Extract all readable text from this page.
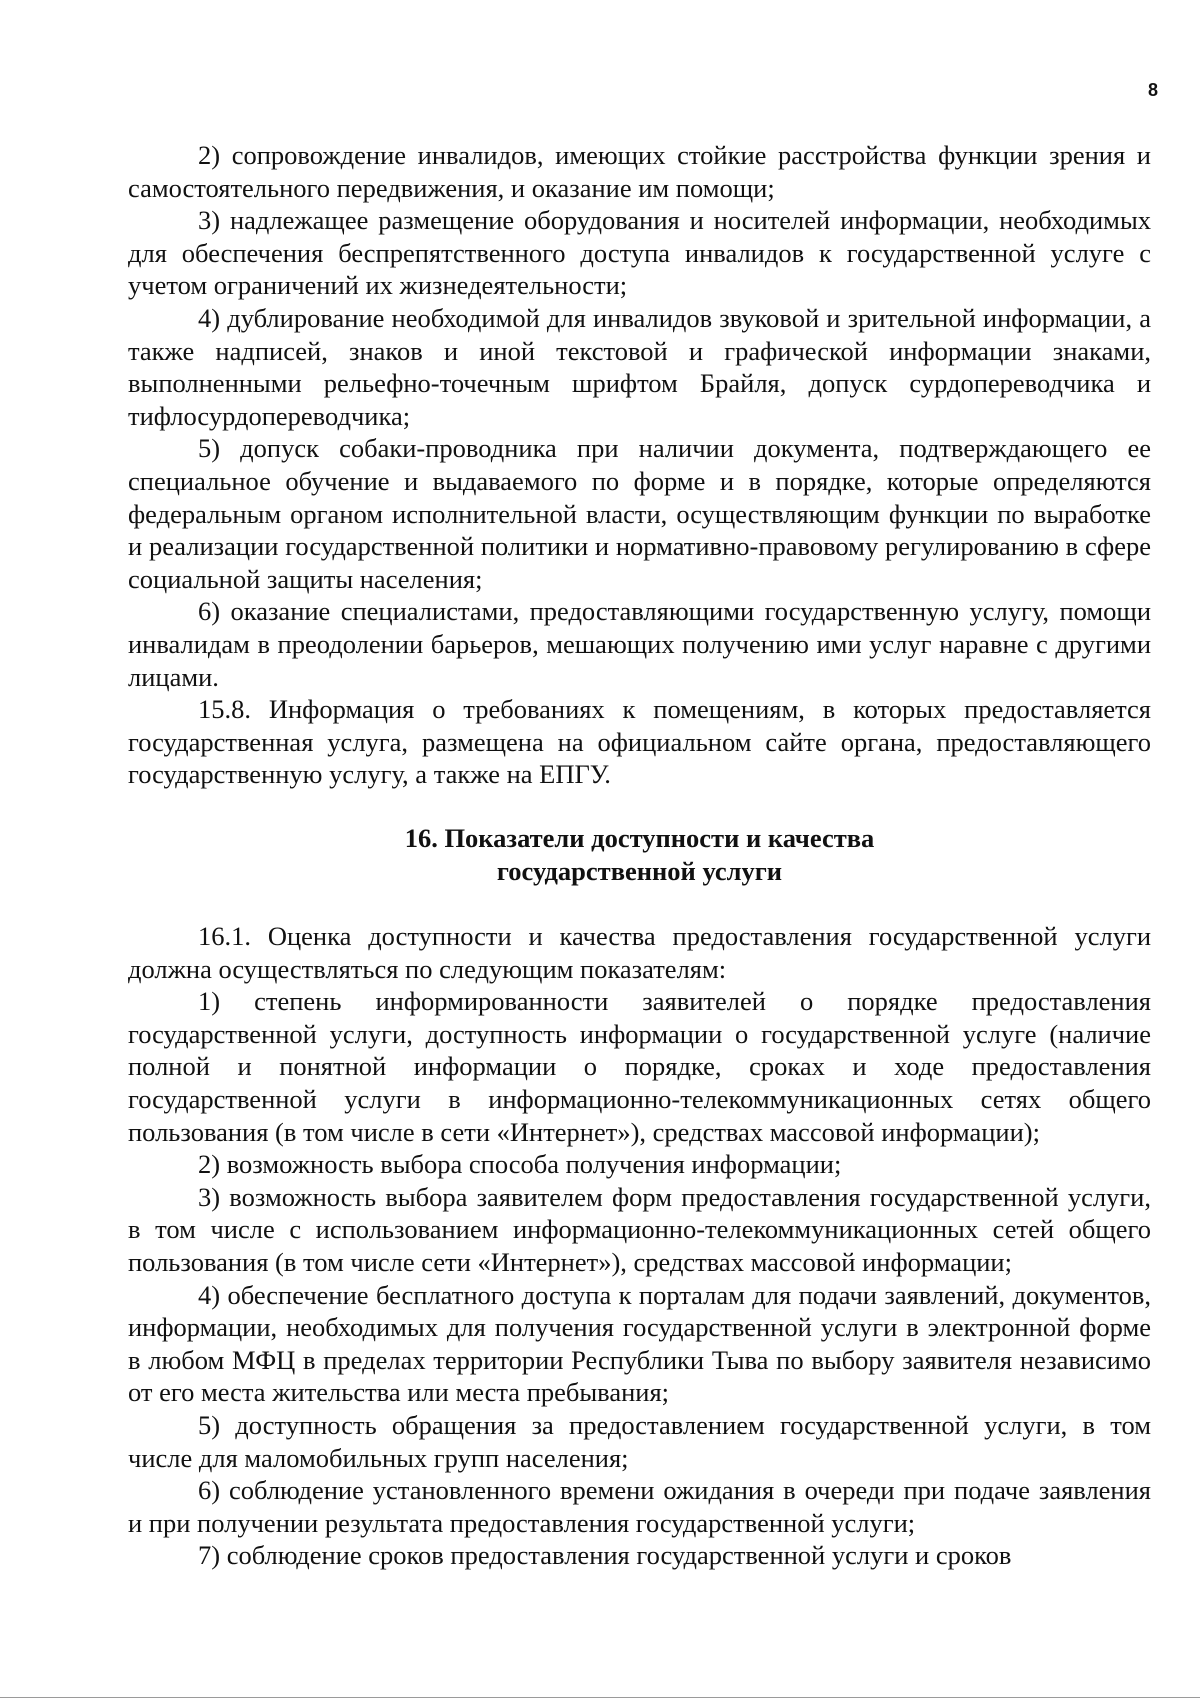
8

2) сопровождение инвалидов, имеющих стойкие расстройства функции зрения и самостоятельного передвижения, и оказание им помощи;

3) надлежащее размещение оборудования и носителей информации, необходимых для обеспечения беспрепятственного доступа инвалидов к государственной услуге с учетом ограничений их жизнедеятельности;

4) дублирование необходимой для инвалидов звуковой и зрительной информации, а также надписей, знаков и иной текстовой и графической информации знаками, выполненными рельефно-точечным шрифтом Брайля, допуск сурдопереводчика и тифлосурдопереводчика;

5) допуск собаки-проводника при наличии документа, подтверждающего ее специальное обучение и выдаваемого по форме и в порядке, которые определяются федеральным органом исполнительной власти, осуществляющим функции по выработке и реализации государственной политики и нормативно-правовому регулированию в сфере социальной защиты населения;

6) оказание специалистами, предоставляющими государственную услугу, помощи инвалидам в преодолении барьеров, мешающих получению ими услуг наравне с другими лицами.

15.8. Информация о требованиях к помещениям, в которых предоставляется государственная услуга, размещена на официальном сайте органа, предоставляющего государственную услугу, а также на ЕПГУ.

16. Показатели доступности и качества
государственной услуги

16.1. Оценка доступности и качества предоставления государственной услуги должна осуществляться по следующим показателям:

1) степень информированности заявителей о порядке предоставления государственной услуги, доступность информации о государственной услуге (наличие полной и понятной информации о порядке, сроках и ходе предоставления государственной услуги в информационно-телекоммуникационных сетях общего пользования (в том числе в сети «Интернет»), средствах массовой информации);

2) возможность выбора способа получения информации;

3) возможность выбора заявителем форм предоставления государственной услуги, в том числе с использованием информационно-телекоммуникационных сетей общего пользования (в том числе сети «Интернет»), средствах массовой информации;

4) обеспечение бесплатного доступа к порталам для подачи заявлений, документов, информации, необходимых для получения государственной услуги в электронной форме в любом МФЦ в пределах территории Республики Тыва по выбору заявителя независимо от его места жительства или места пребывания;

5) доступность обращения за предоставлением государственной услуги, в том числе для маломобильных групп населения;

6) соблюдение установленного времени ожидания в очереди при подаче заявления и при получении результата предоставления государственной услуги;

7) соблюдение сроков предоставления государственной услуги и сроков
